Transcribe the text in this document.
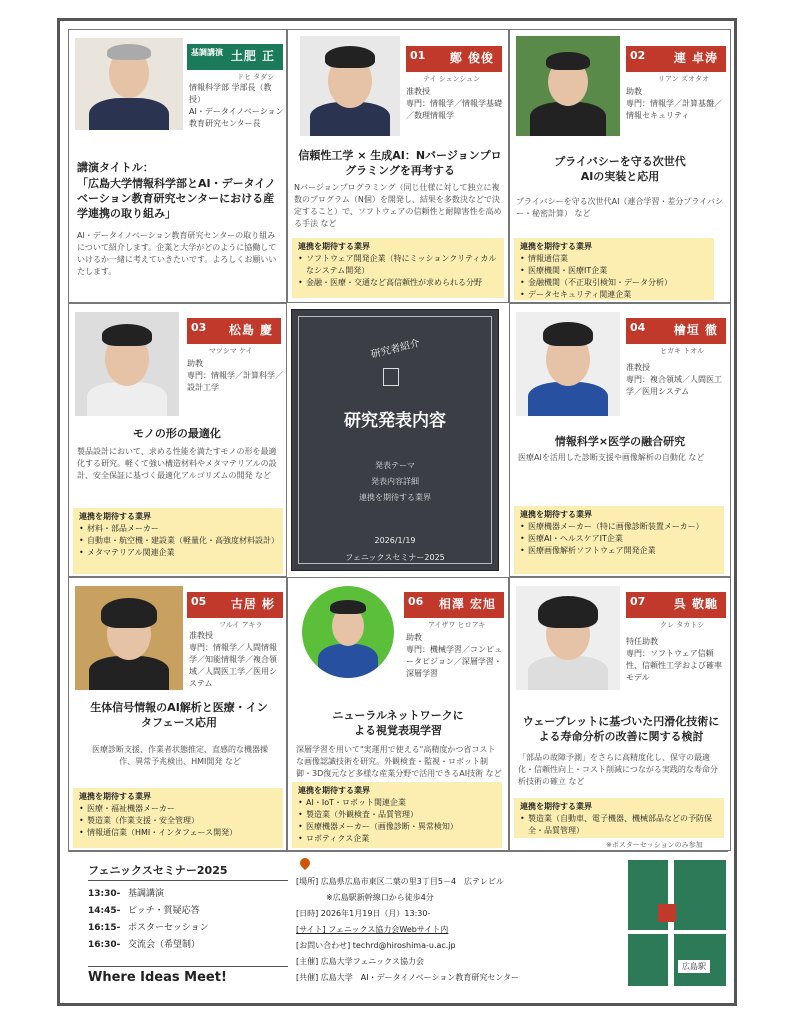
基調講演 土肥 正
ドヒ タダシ
情報科学部 学部長（教授）
AI・データイノベーション教育研究センター長
講演タイトル：
「広島大学情報科学部とAI・データイノベーション教育研究センターにおける産学連携の取り組み」
AI・データイノベーション教育研究センターの取り組みについて紹介します。企業と大学がどのように協働していけるか一緒に考えていきたいです。よろしくお願いいたします。
01 鄭 俊俊
テイ シュンシュン
准教授
専門：情報学／情報学基礎／数理情報学
信頼性工学 × 生成AI：Nバージョンプログラミングを再考する
Nバージョンプログラミング（同じ仕様に対して独立に複数のプログラム（N個）を開発し、結果を多数決などで決定すること）で、ソフトウェアの信頼性と耐障害性を高める手法 など
連携を期待する業界
• ソフトウェア開発企業（特にミッションクリティカルなシステム開発）
• 金融・医療・交通など高信頼性が求められる分野
02 連 卓涛
リアン ズオタオ
助教
専門：情報学／計算基盤／情報セキュリティ
プライバシーを守る次世代AIの実装と応用
プライバシーを守る次世代AI（連合学習・差分プライバシー・秘密計算） など
連携を期待する業界
• 情報通信業
• 医療機関・医療IT企業
• 金融機関（不正取引検知・データ分析）
• データセキュリティ関連企業
03 松島 慶
マツシマ ケイ
助教
専門：情報学／計算科学／設計工学
モノの形の最適化
製品設計において、求める性能を満たすモノの形を最適化する研究。軽くて強い構造材料やメタマテリアルの設計、安全保証に基づく最適化アルゴリズムの開発 など
連携を期待する業界
• 材料・部品メーカー
• 自動車・航空機・建設業（軽量化・高強度材料設計）
• メタマテリアル関連企業
研究者紹介
研究発表内容
発表テーマ
発表内容詳細
連携を期待する業界
2026/1/19
フェニックスセミナー2025
04 檜垣 徹
ヒガキ トオル
准教授
専門：複合領域／人間医工学／医用システム
情報科学×医学の融合研究
医療AIを活用した診断支援や画像解析の自動化 など
連携を期待する業界
• 医療機器メーカー（特に画像診断装置メーカー）
• 医療AI・ヘルスケアIT企業
• 医療画像解析ソフトウェア開発企業
05 古居 彬
フルイ アキラ
准教授
専門：情報学／人間情報学／知能情報学／複合領域／人間医工学／医用システム
生体信号情報のAI解析と医療・インタフェース応用
医療診断支援、作業者状態推定、直感的な機器操作、異常予兆検出、HMI開発 など
連携を期待する業界
• 医療・福祉機器メーカー
• 製造業（作業支援・安全管理）
• 情報通信業（HMI・インタフェース開発）
06 相澤 宏旭
アイザワ ヒロアキ
助教
専門：機械学習／コンピュータビジョン／深層学習・深層学習
ニューラルネットワークによる視覚表現学習
深層学習を用いて"実運用で使える"高精度かつ省コストな画像認識技術を研究。外観検査・監視・ロボット制御・3D復元など多様な産業分野で活用できるAI技術 など
連携を期待する業界
• AI・IoT・ロボット関連企業
• 製造業（外観検査・品質管理）
• 医療機器メーカー（画像診断・異常検知）
• ロボティクス企業
07 呉 敬馳
クレ タカトシ
特任助教
専門：ソフトウェア信頼性、信頼性工学および確率モデル
ウェーブレットに基づいた円滑化技術による寿命分析の改善に関する検討
「部品の故障予測」をさらに高精度化し、保守の最適化・信頼性向上・コスト削減につながる実践的な寿命分析技術の確立 など
連携を期待する業界
• 製造業（自動車、電子機器、機械部品などの予防保全・品質管理）
※ポスターセッションのみ参加
フェニックスセミナー2025
13:30- 基調講演
14:45- ピッチ・質疑応答
16:15- ポスターセッション
16:30- 交流会（希望制）
Where Ideas Meet!
[場所] 広島県広島市東区二葉の里3丁目5－4　広テレビル
※広島駅新幹線口から徒歩4分
[日時] 2026年1月19日（月）13:30-
[サイト] フェニックス協力会Webサイト内
[お問い合わせ] techrd@hiroshima-u.ac.jp
[主催] 広島大学フェニックス協力会
[共催] 広島大学　AI・データイノベーション教育研究センター
広島駅
